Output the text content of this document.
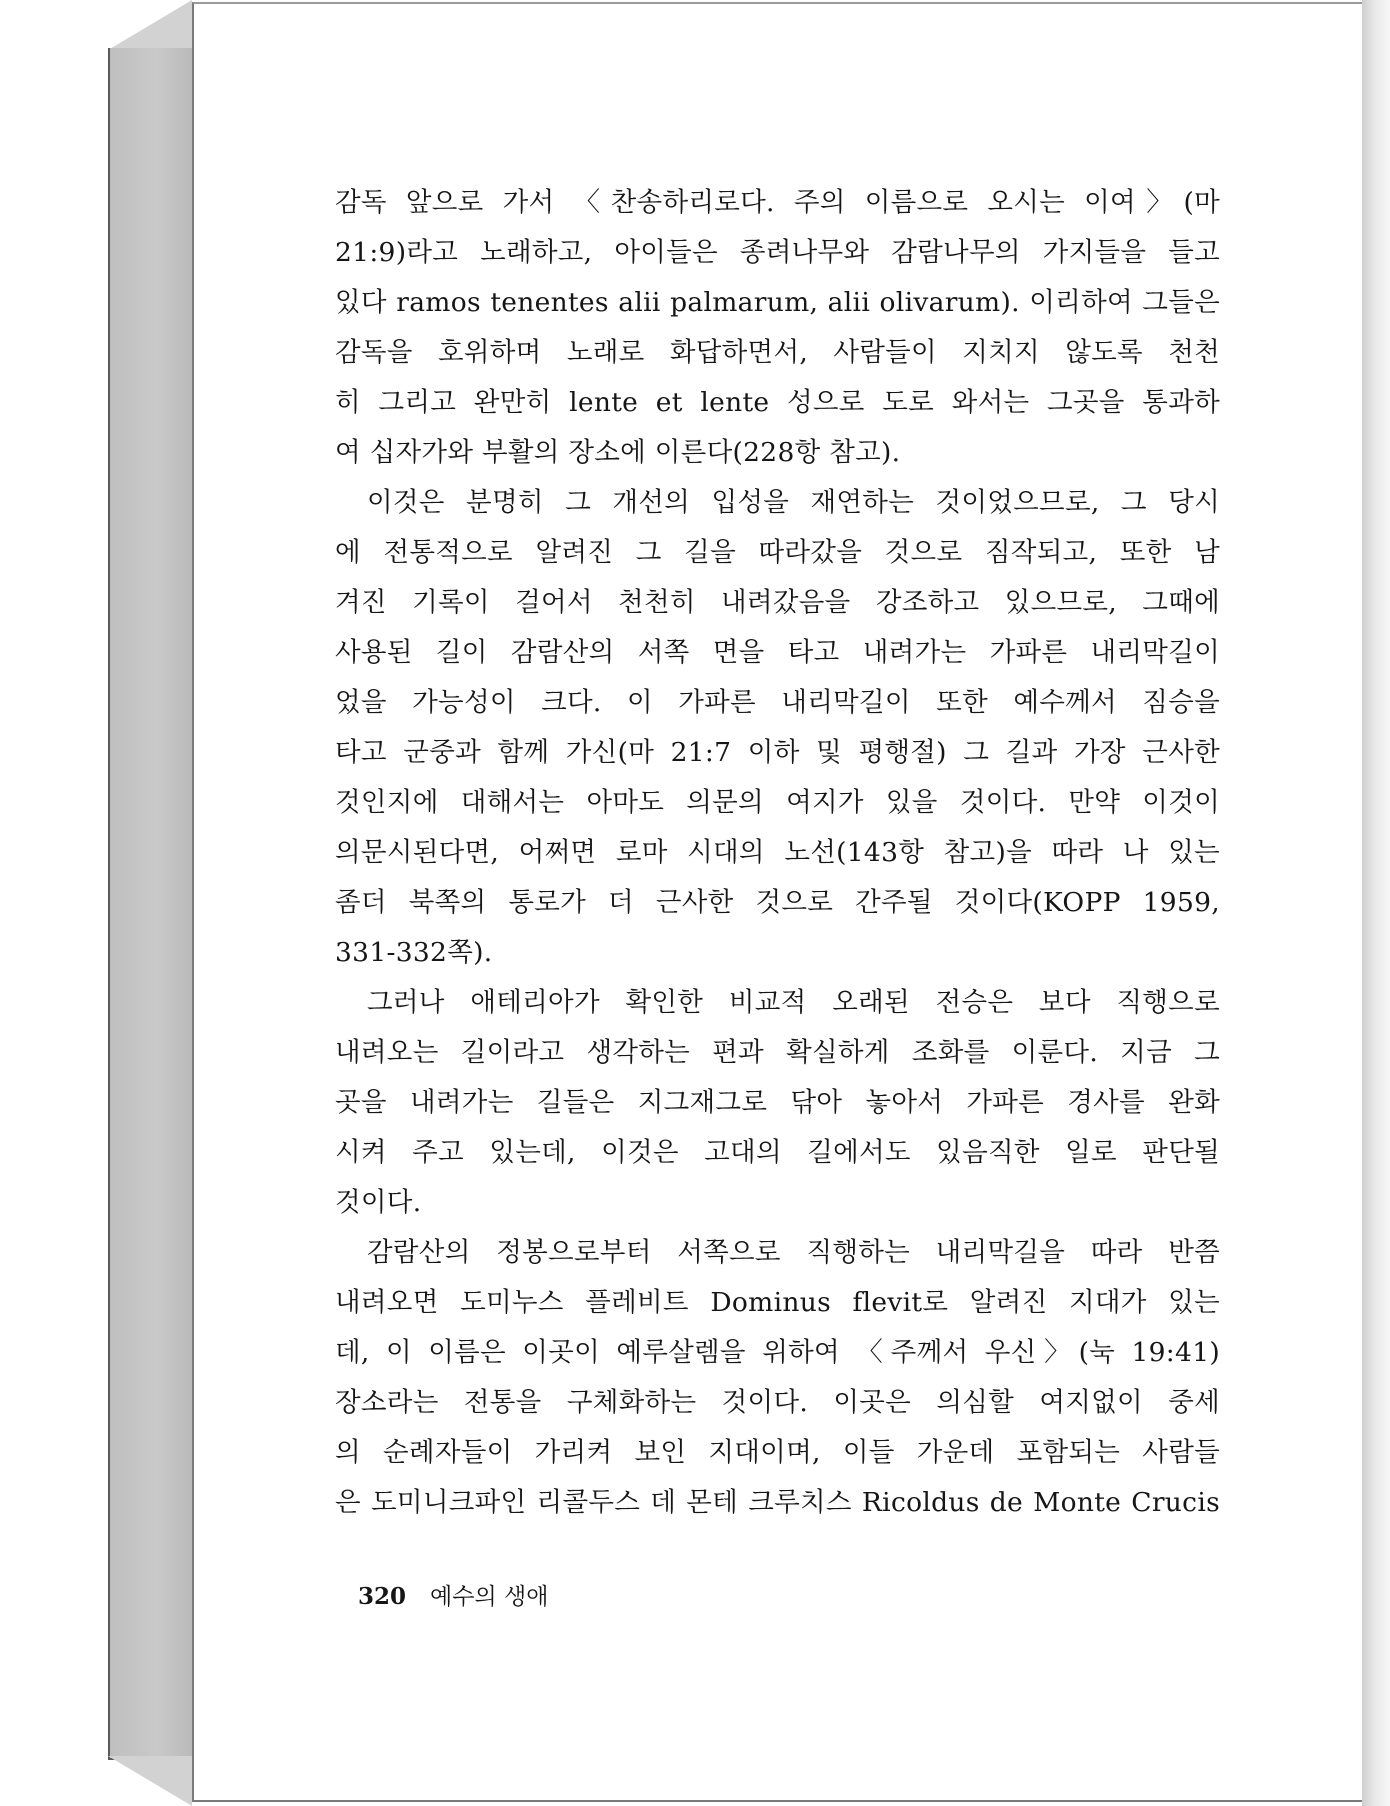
감독 앞으로 가서 〈찬송하리로다. 주의 이름으로 오시는 이여〉(마
21:9)라고 노래하고, 아이들은 종려나무와 감람나무의 가지들을 들고
있다 ramos tenentes alii palmarum, alii olivarum). 이리하여 그들은
감독을 호위하며 노래로 화답하면서, 사람들이 지치지 않도록 천천
히 그리고 완만히 lente et lente 성으로 도로 와서는 그곳을 통과하
여 십자가와 부활의 장소에 이른다(228항 참고).
이것은 분명히 그 개선의 입성을 재연하는 것이었으므로, 그 당시
에 전통적으로 알려진 그 길을 따라갔을 것으로 짐작되고, 또한 남
겨진 기록이 걸어서 천천히 내려갔음을 강조하고 있으므로, 그때에
사용된 길이 감람산의 서쪽 면을 타고 내려가는 가파른 내리막길이
었을 가능성이 크다. 이 가파른 내리막길이 또한 예수께서 짐승을
타고 군중과 함께 가신(마 21:7 이하 및 평행절) 그 길과 가장 근사한
것인지에 대해서는 아마도 의문의 여지가 있을 것이다. 만약 이것이
의문시된다면, 어쩌면 로마 시대의 노선(143항 참고)을 따라 나 있는
좀더 북쪽의 통로가 더 근사한 것으로 간주될 것이다(KOPP 1959,
331-332쪽).
그러나 애테리아가 확인한 비교적 오래된 전승은 보다 직행으로
내려오는 길이라고 생각하는 편과 확실하게 조화를 이룬다. 지금 그
곳을 내려가는 길들은 지그재그로 닦아 놓아서 가파른 경사를 완화
시켜 주고 있는데, 이것은 고대의 길에서도 있음직한 일로 판단될
것이다.
감람산의 정봉으로부터 서쪽으로 직행하는 내리막길을 따라 반쯤
내려오면 도미누스 플레비트 Dominus flevit로 알려진 지대가 있는
데, 이 이름은 이곳이 예루살렘을 위하여 〈주께서 우신〉(눅 19:41)
장소라는 전통을 구체화하는 것이다. 이곳은 의심할 여지없이 중세
의 순례자들이 가리켜 보인 지대이며, 이들 가운데 포함되는 사람들
은 도미니크파인 리콜두스 데 몬테 크루치스 Ricoldus de Monte Crucis
320 예수의 생애
